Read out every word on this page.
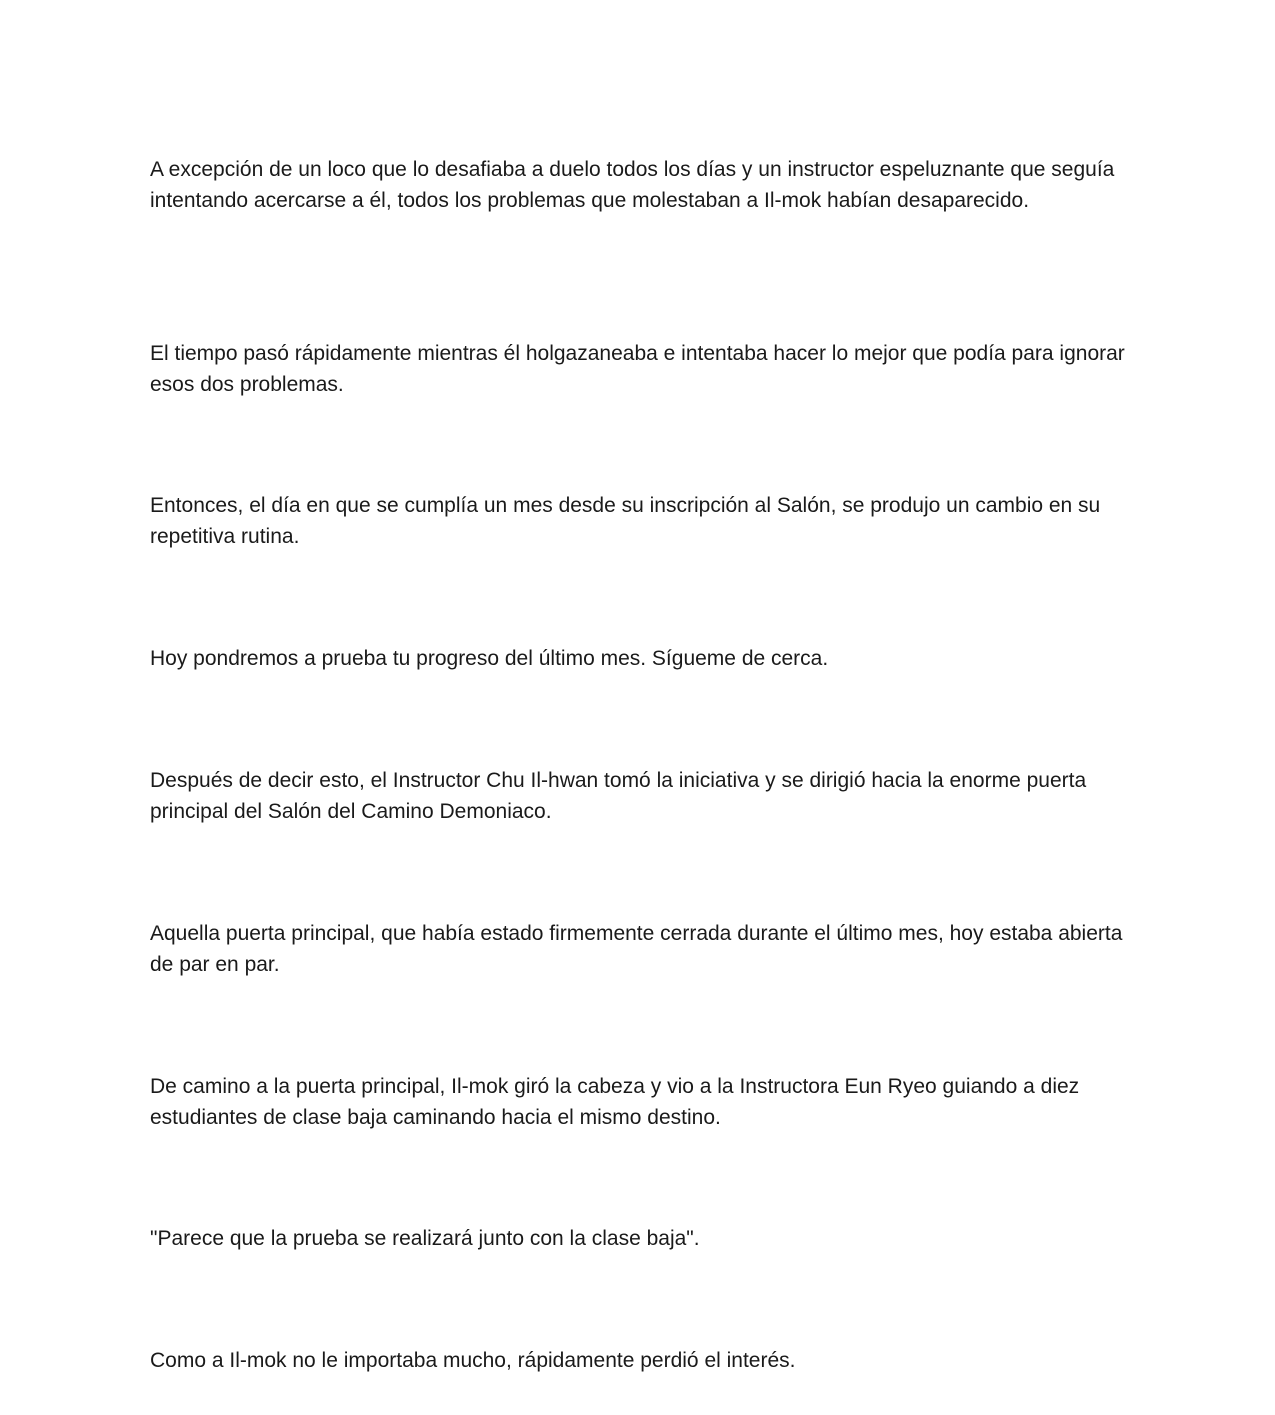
A excepción de un loco que lo desafiaba a duelo todos los días y un instructor espeluznante que seguía intentando acercarse a él, todos los problemas que molestaban a Il-mok habían desaparecido.

El tiempo pasó rápidamente mientras él holgazaneaba e intentaba hacer lo mejor que podía para ignorar esos dos problemas.

Entonces, el día en que se cumplía un mes desde su inscripción al Salón, se produjo un cambio en su repetitiva rutina.

Hoy pondremos a prueba tu progreso del último mes. Sígueme de cerca.

Después de decir esto, el Instructor Chu Il-hwan tomó la iniciativa y se dirigió hacia la enorme puerta principal del Salón del Camino Demoniaco.

Aquella puerta principal, que había estado firmemente cerrada durante el último mes, hoy estaba abierta de par en par.

De camino a la puerta principal, Il-mok giró la cabeza y vio a la Instructora Eun Ryeo guiando a diez estudiantes de clase baja caminando hacia el mismo destino.

"Parece que la prueba se realizará junto con la clase baja".

Como a Il-mok no le importaba mucho, rápidamente perdió el interés.
